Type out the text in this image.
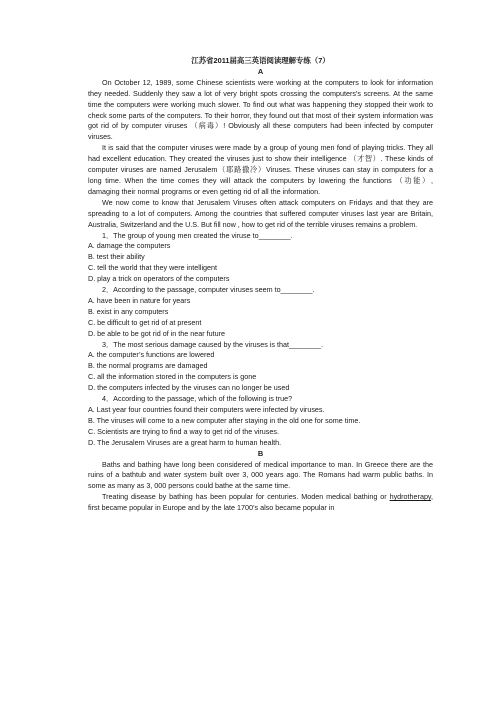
江苏省2011届高三英语阅读理解专练（7）
A

On October 12, 1989, some Chinese scientists were working at the computers to look for information they needed. Suddenly they saw a lot of very bright spots crossing the computers's screens. At the same time the computers were working much slower. To find out what was happening they stopped their work to check some parts of the computers. To their horror, they found out that most of their system information was got rid of by computer viruses （病毒）! Obviously all these computers had been infected by computer viruses.

It is said that the computer viruses were made by a group of young men fond of playing tricks. They all had excellent education. They created the viruses just to show their intelligence （才智）. These kinds of computer viruses are named Jerusalem（耶路撒冷）Viruses. These viruses can stay in computers for a long time. When the time comes they will attack the computers by lowering the functions （功能）, damaging their normal programs or even getting rid of all the information.

We now come to know that Jerusalem Viruses often attack computers on Fridays and that they are spreading to a lot of computers. Among the countries that suffered computer viruses last year are Britain, Australia, Switzerland and the U.S. But fill now , how to get rid of the terrible viruses remains a problem.

1．The group of young men created the viruse to________.

A. damage the computers

B. test their ability

C. tell the world that they were intelligent

D. play a trick on operators of the computers

2．According to the passage, computer viruses seem to________.

A. have been in nature for years

B. exist in any computers

C. be difficult to get rid of at present

D. be able to be got rid of in the near future

3．The most serious damage caused by the viruses is that________.

A. the computer’s functions are lowered

B. the normal programs are damaged

C. all the information stored in the computers is gone

D. the computers infected by the viruses can no longer be used

4．According to the passage, which of the following is true?

A. Last year four countries found their computers were infected by viruses.

B. The viruses will come to a new computer after staying in the old one for some time.

C. Scientists are trying to find a way to get rid of the viruses.

D. The Jerusalem Viruses are a great harm to human health.

B

Baths and bathing have long been considered of medical importance to man. In Greece there are the ruins of a bathtub and water system built over 3, 000 years ago. The Romans had warm public baths. In some as many as 3, 000 persons could bathe at the same time.

Treating disease by bathing has been popular for centuries. Moden medical bathing or hydrotherapy, first became popular in Europe and by the late 1700’s also became popular in
